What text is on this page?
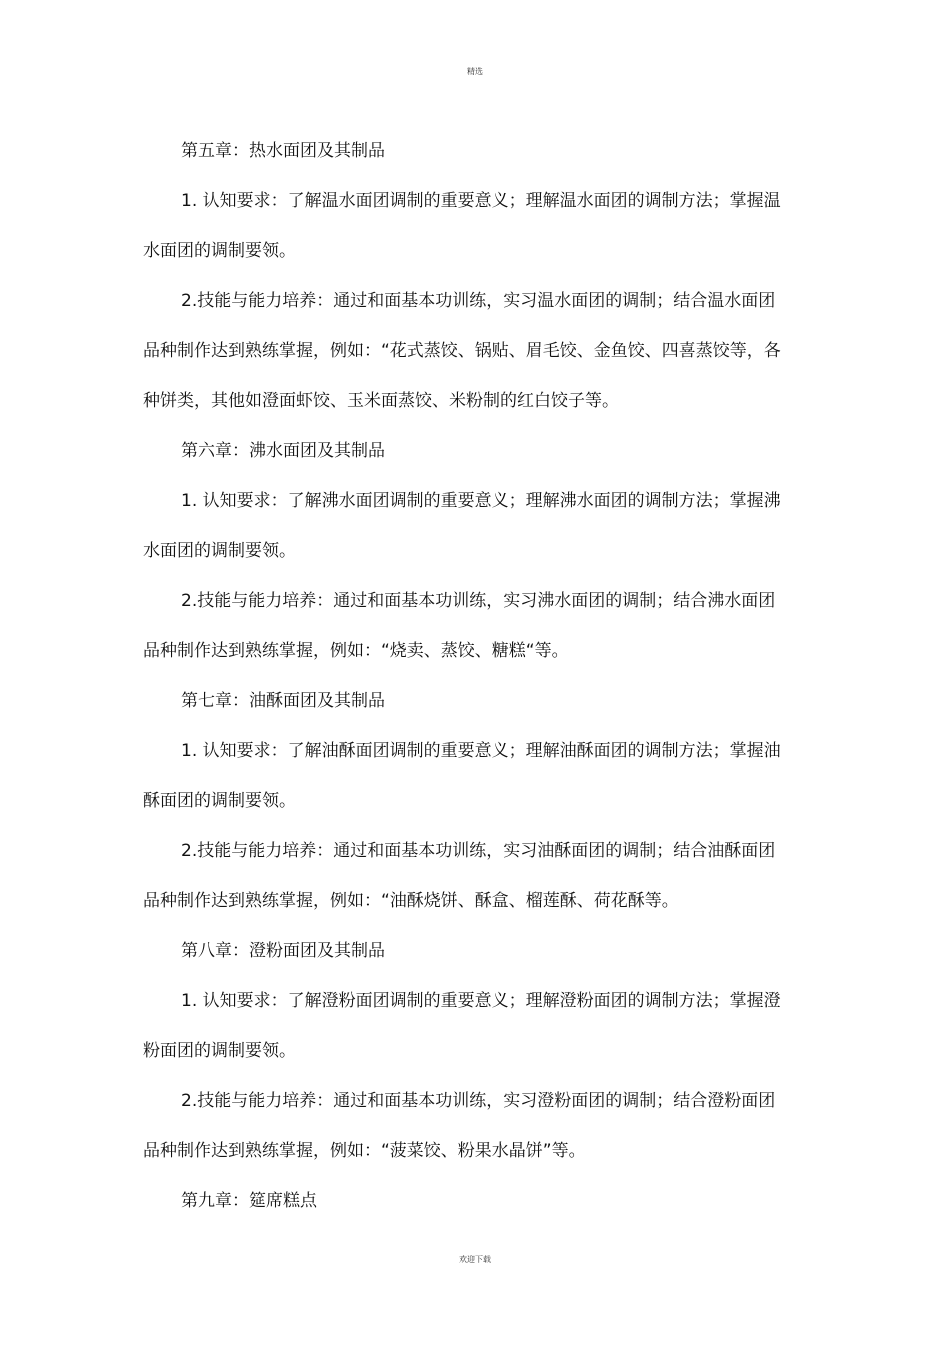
精选

第五章：热水面团及其制品

1. 认知要求：了解温水面团调制的重要意义；理解温水面团的调制方法；掌握温水面团的调制要领。

2.技能与能力培养：通过和面基本功训练，实习温水面团的调制；结合温水面团品种制作达到熟练掌握，例如：“花式蒸饺、锅贴、眉毛饺、金鱼饺、四喜蒸饺等，各种饼类，其他如澄面虾饺、玉米面蒸饺、米粉制的红白饺子等。

第六章：沸水面团及其制品

1. 认知要求：了解沸水面团调制的重要意义；理解沸水面团的调制方法；掌握沸水面团的调制要领。

2.技能与能力培养：通过和面基本功训练，实习沸水面团的调制；结合沸水面团品种制作达到熟练掌握，例如：“烧卖、蒸饺、糖糕“等。

第七章：油酥面团及其制品

1. 认知要求：了解油酥面团调制的重要意义；理解油酥面团的调制方法；掌握油酥面团的调制要领。

2.技能与能力培养：通过和面基本功训练，实习油酥面团的调制；结合油酥面团品种制作达到熟练掌握，例如：“油酥烧饼、酥盒、榴莲酥、荷花酥等。

第八章：澄粉面团及其制品

1. 认知要求：了解澄粉面团调制的重要意义；理解澄粉面团的调制方法；掌握澄粉面团的调制要领。

2.技能与能力培养：通过和面基本功训练，实习澄粉面团的调制；结合澄粉面团品种制作达到熟练掌握，例如：“菠菜饺、粉果水晶饼”等。

第九章：筵席糕点

欢迎下载
